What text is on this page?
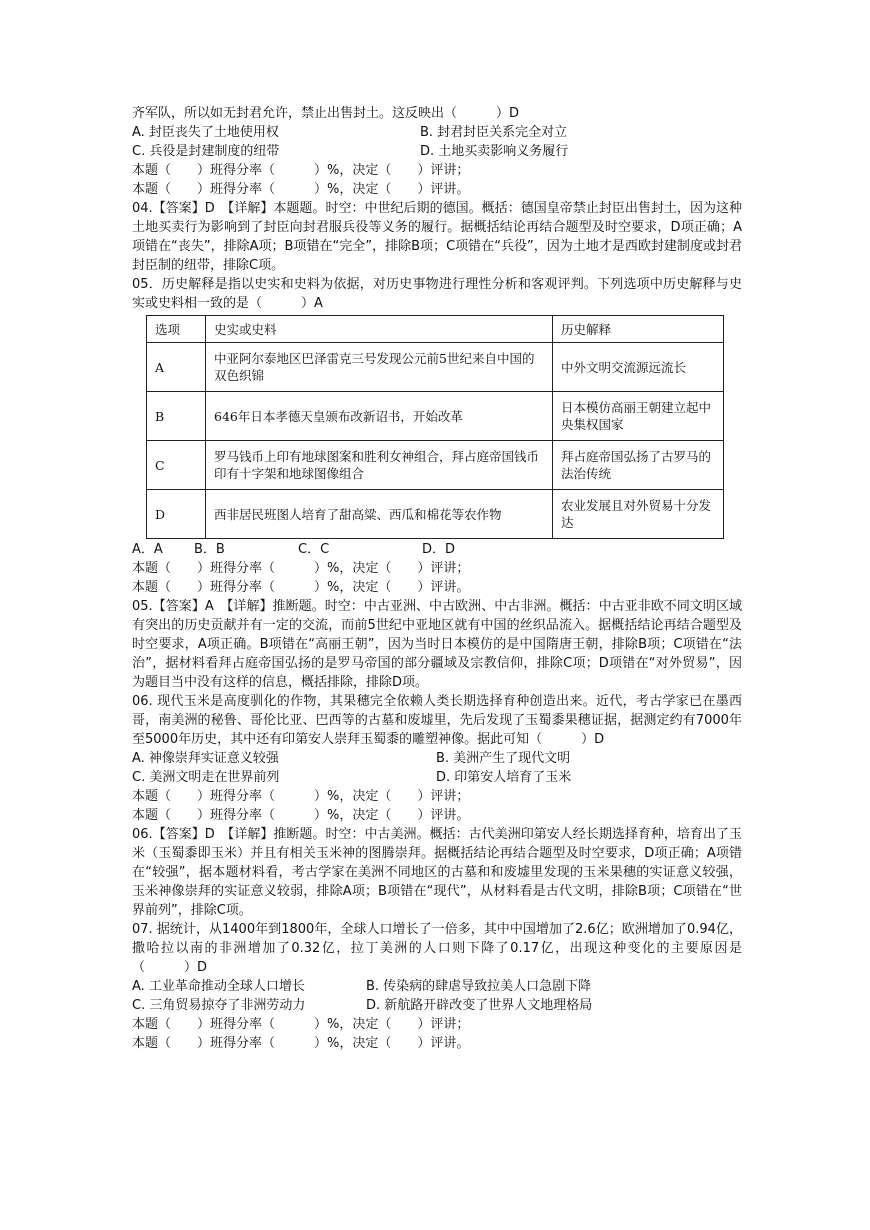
齐军队，所以如无封君允许，禁止出售封土。这反映出（　　　）D
A. 封臣丧失了土地使用权	B. 封君封臣关系完全对立
C. 兵役是封建制度的纽带	D. 土地买卖影响义务履行
本题（　　）班得分率（　　　）%，决定（　　）评讲；
本题（　　）班得分率（　　　）%，决定（　　）评讲。
04.【答案】D　【详解】本题题。时空：中世纪后期的德国。概括：德国皇帝禁止封臣出售封土，因为这种土地买卖行为影响到了封臣向封君服兵役等义务的履行。据概括结论再结合题型及时空要求，D项正确；A项错在“丧失”，排除A项；B项错在“完全”，排除B项；C项错在“兵役”，因为土地才是西欧封建制度或封君封臣制的纽带，排除C项。
05．历史解释是指以史实和史料为依据，对历史事物进行理性分析和客观评判。下列选项中历史解释与史实或史料相一致的是（　　　）A
选项	史实或史料	历史解释
A	中亚阿尔泰地区巴泽雷克三号发现公元前5世纪来自中国的双色织锦	中外文明交流源远流长
B	646年日本孝德天皇颁布改新诏书，开始改革	日本模仿高丽王朝建立起中央集权国家
C	罗马钱币上印有地球图案和胜利女神组合，拜占庭帝国钱币印有十字架和地球图像组合	拜占庭帝国弘扬了古罗马的法治传统
D	西非居民班图人培育了甜高粱、西瓜和棉花等农作物	农业发展且对外贸易十分发达
A．A	B．B	C．C	D．D
本题（　　）班得分率（　　　）%，决定（　　）评讲；
本题（　　）班得分率（　　　）%，决定（　　）评讲。
05.【答案】A　【详解】推断题。时空：中古亚洲、中古欧洲、中古非洲。概括：中古亚非欧不同文明区域有突出的历史贡献并有一定的交流，而前5世纪中亚地区就有中国的丝织品流入。据概括结论再结合题型及时空要求，A项正确。B项错在“高丽王朝”，因为当时日本模仿的是中国隋唐王朝，排除B项；C项错在“法治”，据材料看拜占庭帝国弘扬的是罗马帝国的部分疆域及宗教信仰，排除C项；D项错在“对外贸易”，因为题目当中没有这样的信息，概括排除，排除D项。
06. 现代玉米是高度驯化的作物，其果穗完全依赖人类长期选择育种创造出来。近代，考古学家已在墨西哥，南美洲的秘鲁、哥伦比亚、巴西等的古墓和废墟里，先后发现了玉蜀黍果穗证据，据测定约有7000年至5000年历史，其中还有印第安人崇拜玉蜀黍的雕塑神像。据此可知（　　　）D
A. 神像崇拜实证意义较强	B. 美洲产生了现代文明
C. 美洲文明走在世界前列	D. 印第安人培育了玉米
本题（　　）班得分率（　　　）%，决定（　　）评讲；
本题（　　）班得分率（　　　）%，决定（　　）评讲。
06.【答案】D　【详解】推断题。时空：中古美洲。概括：古代美洲印第安人经长期选择育种，培育出了玉米（玉蜀黍即玉米）并且有相关玉米神的图腾崇拜。据概括结论再结合题型及时空要求，D项正确；A项错在“较强”，据本题材料看，考古学家在美洲不同地区的古墓和和废墟里发现的玉米果穗的实证意义较强，玉米神像崇拜的实证意义较弱，排除A项；B项错在“现代”，从材料看是古代文明，排除B项；C项错在“世界前列”，排除C项。
07. 据统计，从1400年到1800年，全球人口增长了一倍多，其中中国增加了2.6亿；欧洲增加了0.94亿，撒哈拉以南的非洲增加了0.32亿，拉丁美洲的人口则下降了0.17亿，出现这种变化的主要原因是（　　　）D
A. 工业革命推动全球人口增长	B. 传染病的肆虐导致拉美人口急剧下降
C. 三角贸易掠夺了非洲劳动力	D. 新航路开辟改变了世界人文地理格局
本题（　　）班得分率（　　　）%，决定（　　）评讲；
本题（　　）班得分率（　　　）%，决定（　　）评讲。
